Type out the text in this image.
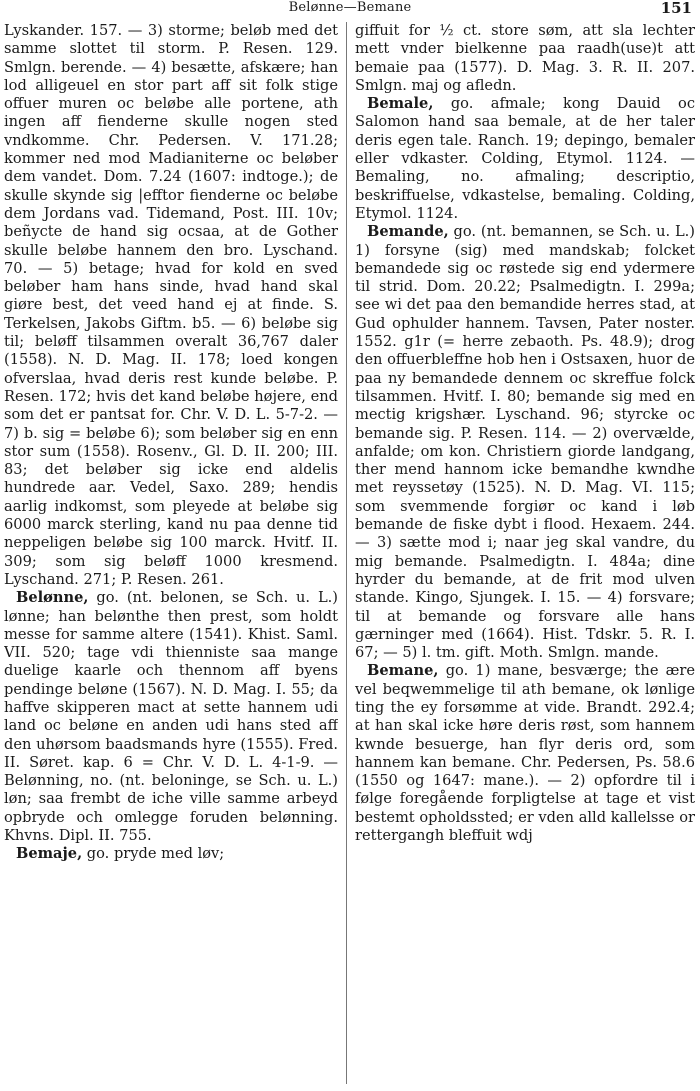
Belønne—Bemane	151

Lyskander. 157. — 3) storme; beløb med det samme slottet til storm. P. Resen. 129. Smlgn. berende. — 4) besætte, afskære; han lod alligeuel en stor part aff sit folk stige offuer muren oc beløbe alle portene, ath ingen aff fienderne skulle nogen sted vndkomme. Chr. Pedersen. V. 171.28; kommer ned mod Madianiterne oc beløber dem vandet. Dom. 7.24 (1607: indtoge.); de skulle skynde sig |efftor fienderne oc beløbe dem Jordans vad. Tidemand, Post. III. 10v; beñycte de hand sig ocsaa, at de Gother skulle beløbe hannem den bro. Lyschand. 70. — 5) betage; hvad for kold en sved beløber ham hans sinde, hvad hand skal giøre best, det veed hand ej at finde. S. Terkelsen, Jakobs Giftm. b5. — 6) beløbe sig til; beløff tilsammen overalt 36,767 daler (1558). N. D. Mag. II. 178; loed kongen ofverslaa, hvad deris rest kunde beløbe. P. Resen. 172; hvis det kand beløbe højere, end som det er pantsat for. Chr. V. D. L. 5-7-2. — 7) b. sig = beløbe 6); som beløber sig en enn stor sum (1558). Rosenv., Gl. D. II. 200; III. 83; det beløber sig icke end aldelis hundrede aar. Vedel, Saxo. 289; hendis aarlig indkomst, som pleyede at beløbe sig 6000 marck sterling, kand nu paa denne tid neppeligen beløbe sig 100 marck. Hvitf. II. 309; som sig beløff 1000 kresmend. Lyschand. 271; P. Resen. 261.

Belønne, go. (nt. belonen, se Sch. u. L.) lønne; han belønthe then prest, som holdt messe for samme altere (1541). Khist. Saml. VII. 520; tage vdi thienniste saa mange duelige kaarle och thennom aff byens pendinge beløne (1567). N. D. Mag. I. 55; da haffve skipperen mact at sette hannem udi land oc beløne en anden udi hans sted aff den uhørsom baadsmands hyre (1555). Fred. II. Søret. kap. 6 = Chr. V. D. L. 4-1-9. — Belønning, no. (nt. beloninge, se Sch. u. L.) løn; saa frembt de iche ville samme arbeyd opbryde och omlegge foruden belønning. Khvns. Dipl. II. 755.

Bemaje, go. pryde med løv;

giffuit for ½ ct. store søm, att sla lechter mett vnder bielkenne paa raadh(use)t att bemaie paa (1577). D. Mag. 3. R. II. 207. Smlgn. maj og afledn.

Bemale, go. afmale; kong Dauid oc Salomon hand saa bemale, at de her taler deris egen tale. Ranch. 19; depingo, bemaler eller vdkaster. Colding, Etymol. 1124. — Bemaling, no. afmaling; descriptio, beskriffuelse, vdkastelse, bemaling. Colding, Etymol. 1124.

Bemande, go. (nt. bemannen, se Sch. u. L.) 1) forsyne (sig) med mandskab; folcket bemandede sig oc røstede sig end ydermere til strid. Dom. 20.22; Psalmedigtn. I. 299a; see wi det paa den bemandide herres stad, at Gud ophulder hannem. Tavsen, Pater noster. 1552. g1r (= herre zebaoth. Ps. 48.9); drog den offuerbleffne hob hen i Ostsaxen, huor de paa ny bemandede dennem oc skreffue folck tilsammen. Hvitf. I. 80; bemande sig med en mectig krigshær. Lyschand. 96; styrcke oc bemande sig. P. Resen. 114. — 2) overvælde, anfalde; om kon. Christiern giorde landgang, ther mend hannom icke bemandhe kwndhe met reyssetøy (1525). N. D. Mag. VI. 115; som svemmende forgiør oc kand i løb bemande de fiske dybt i flood. Hexaem. 244. — 3) sætte mod i; naar jeg skal vandre, du mig bemande. Psalmedigtn. I. 484a; dine hyrder du bemande, at de frit mod ulven stande. Kingo, Sjungek. I. 15. — 4) forsvare; til at bemande og forsvare alle hans gærninger med (1664). Hist. Tdskr. 5. R. I. 67; — 5) l. tm. gift. Moth. Smlgn. mande.

Bemane, go. 1) mane, besværge; the ære vel beqwemmelige til ath bemane, ok lønlige ting the ey forsømme at vide. Brandt. 292.4; at han skal icke høre deris røst, som hannem kwnde besuerge, han flyr deris ord, som hannem kan bemane. Chr. Pedersen, Ps. 58.6 (1550 og 1647: mane.). — 2) opfordre til i følge foregående forpligtelse at tage et vist bestemt opholdssted; er vden alld kallelsse or rettergangh bleffuit wdj
